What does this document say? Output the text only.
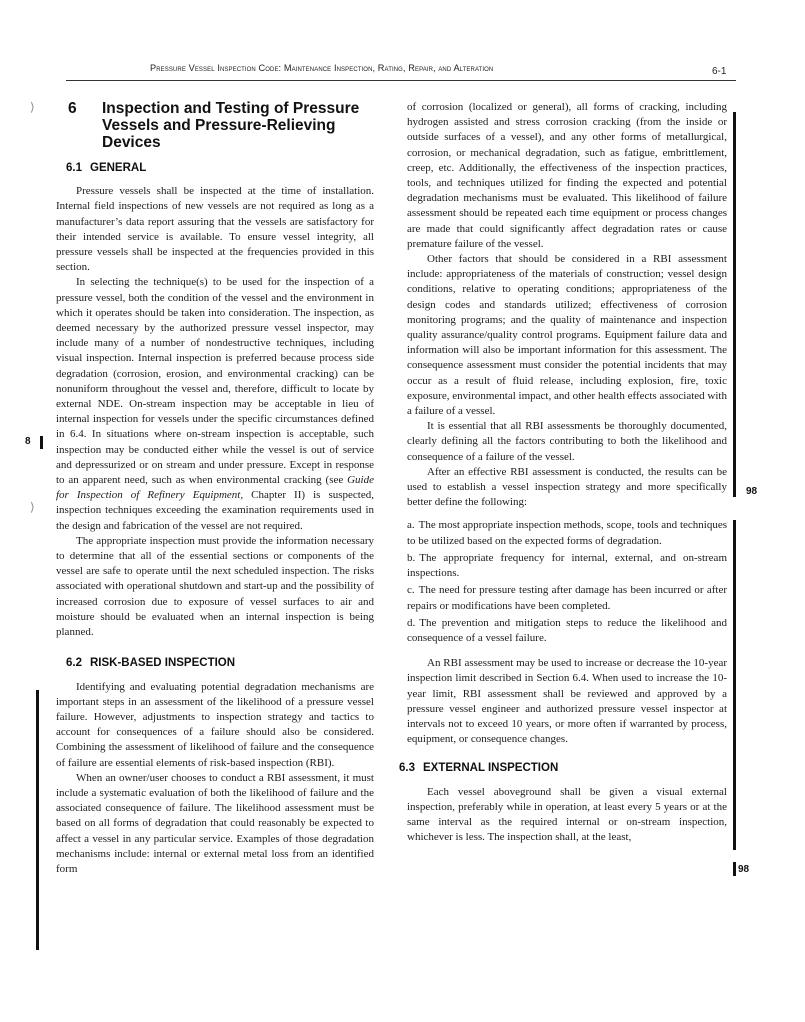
Pressure Vessel Inspection Code: Maintenance Inspection, Rating, Repair, and Alteration	6-1
6	Inspection and Testing of Pressure Vessels and Pressure-Relieving Devices
6.1 GENERAL

Pressure vessels shall be inspected at the time of installation. Internal field inspections of new vessels are not required as long as a manufacturer’s data report assuring that the vessels are satisfactory for their intended service is available. To ensure vessel integrity, all pressure vessels shall be inspected at the frequencies provided in this section.

In selecting the technique(s) to be used for the inspection of a pressure vessel, both the condition of the vessel and the environment in which it operates should be taken into consideration. The inspection, as deemed necessary by the authorized pressure vessel inspector, may include many of a number of nondestructive techniques, including visual inspection. Internal inspection is preferred because process side degradation (corrosion, erosion, and environmental cracking) can be nonuniform throughout the vessel and, therefore, difficult to locate by external NDE. On-stream inspection may be acceptable in lieu of internal inspection for vessels under the specific circumstances defined in 6.4. In situations where on-stream inspection is acceptable, such inspection may be conducted either while the vessel is out of service and depressurized or on stream and under pressure. Except in response to an apparent need, such as when environmental cracking (see Guide for Inspection of Refinery Equipment, Chapter II) is suspected, inspection techniques exceeding the examination requirements used in the design and fabrication of the vessel are not required.

The appropriate inspection must provide the information necessary to determine that all of the essential sections or components of the vessel are safe to operate until the next scheduled inspection. The risks associated with operational shutdown and start-up and the possibility of increased corrosion due to exposure of vessel surfaces to air and moisture should be evaluated when an internal inspection is being planned.

6.2 RISK-BASED INSPECTION

Identifying and evaluating potential degradation mechanisms are important steps in an assessment of the likelihood of a pressure vessel failure. However, adjustments to inspection strategy and tactics to account for consequences of a failure should also be considered. Combining the assessment of likelihood of failure and the consequence of failure are essential elements of risk-based inspection (RBI).

When an owner/user chooses to conduct a RBI assessment, it must include a systematic evaluation of both the likelihood of failure and the associated consequence of failure. The likelihood assessment must be based on all forms of degradation that could reasonably be expected to affect a vessel in any particular service. Examples of those degradation mechanisms include: internal or external metal loss from an identified form

of corrosion (localized or general), all forms of cracking, including hydrogen assisted and stress corrosion cracking (from the inside or outside surfaces of a vessel), and any other forms of metallurgical, corrosion, or mechanical degradation, such as fatigue, embrittlement, creep, etc. Additionally, the effectiveness of the inspection practices, tools, and techniques utilized for finding the expected and potential degradation mechanisms must be evaluated. This likelihood of failure assessment should be repeated each time equipment or process changes are made that could significantly affect degradation rates or cause premature failure of the vessel.

Other factors that should be considered in a RBI assessment include: appropriateness of the materials of construction; vessel design conditions, relative to operating conditions; appropriateness of the design codes and standards utilized; effectiveness of corrosion monitoring programs; and the quality of maintenance and inspection quality assurance/quality control programs. Equipment failure data and information will also be important information for this assessment. The consequence assessment must consider the potential incidents that may occur as a result of fluid release, including explosion, fire, toxic exposure, environmental impact, and other health effects associated with a failure of a vessel.

It is essential that all RBI assessments be thoroughly documented, clearly defining all the factors contributing to both the likelihood and consequence of a failure of the vessel.

After an effective RBI assessment is conducted, the results can be used to establish a vessel inspection strategy and more specifically better define the following:

a. The most appropriate inspection methods, scope, tools and techniques to be utilized based on the expected forms of degradation.
b. The appropriate frequency for internal, external, and on-stream inspections.
c. The need for pressure testing after damage has been incurred or after repairs or modifications have been completed.
d. The prevention and mitigation steps to reduce the likelihood and consequence of a vessel failure.

An RBI assessment may be used to increase or decrease the 10-year inspection limit described in Section 6.4. When used to increase the 10-year limit, RBI assessment shall be reviewed and approved by a pressure vessel engineer and authorized pressure vessel inspector at intervals not to exceed 10 years, or more often if warranted by process, equipment, or consequence changes.

6.3 EXTERNAL INSPECTION

Each vessel aboveground shall be given a visual external inspection, preferably while in operation, at least every 5 years or at the same interval as the required internal or on-stream inspection, whichever is less. The inspection shall, at the least,

8
98
98
⟩
⟩
